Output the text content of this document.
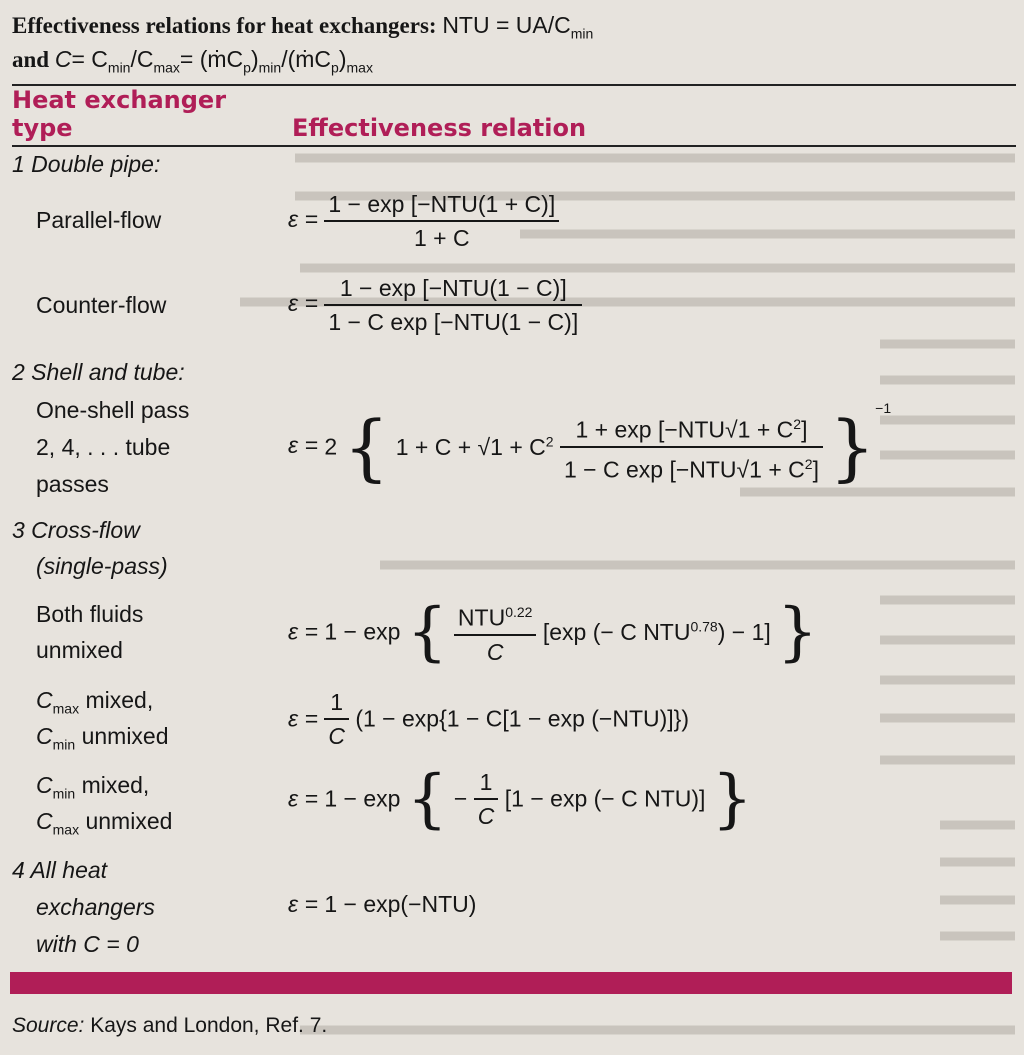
Effectiveness relations for heat exchangers: NTU = $UA/C_{min}$
and $C= C_{min}/C_{max}=$ $(ṁC_p)_{min}/(ṁC_p)_{max}$
Heat exchanger
type	Effectiveness relation
1 Double pipe:
Parallel-flow
Counter-flow
2 Shell and tube:
One-shell pass
2, 4, . . . tube
passes
3 Cross-flow
(single-pass)
Both fluids
unmixed
$C_{max}$ mixed,
$C_{min}$ unmixed
$C_{min}$ mixed,
$C_{max}$ unmixed
4 All heat
exchangers
with C = 0
$\varepsilon = \frac{\text{1 − exp [−NTU(1 + C)]}}{1 + C}$
$\varepsilon = \frac{\text{1 − exp [−NTU(1 − C)]}}{\text{1 − C exp [−NTU(1 − C)]}}$
ε = 2 { $1 + C + √1 + C^2 \frac{1 + \exp [-NTU√1 + C^2]}{1 - C \exp [-NTU√1 + C^2]} \}^{-1}$
ε = 1 − exp { $\frac{NTU^{0.22}}{C} [\exp$ (− C $NTU^{0.78}) - 1$] }
$\varepsilon = \frac{1}{C} (1 - \exp\{1 - C[1 - \exp (-NTU)]\})$
ε = 1 − exp { − $\frac{1}{C} [1 - \exp$ (− C NTU)] }
ε = 1 − exp(−NTU)
Source: Kays and London, Ref. 7.
